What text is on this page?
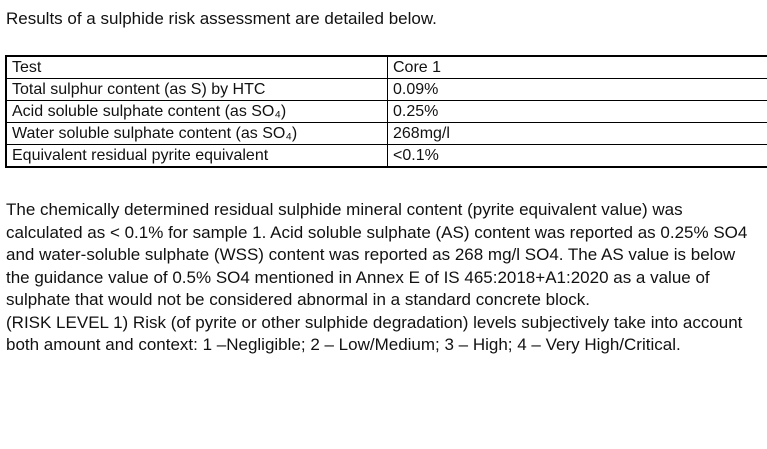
Results of a sulphide risk assessment are detailed below.
Test	Core 1
Total sulphur content (as S) by HTC	0.09%
Acid soluble sulphate content (as SO₄)	0.25%
Water soluble sulphate content (as SO₄)	268mg/l
Equivalent residual pyrite equivalent	<0.1%

The chemically determined residual sulphide mineral content (pyrite equivalent value) was calculated as < 0.1% for sample 1. Acid soluble sulphate (AS) content was reported as 0.25% SO4 and water-soluble sulphate (WSS) content was reported as 268 mg/l SO4. The AS value is below the guidance value of 0.5% SO4 mentioned in Annex E of IS 465:2018+A1:2020 as a value of sulphate that would not be considered abnormal in a standard concrete block.

(RISK LEVEL 1) Risk (of pyrite or other sulphide degradation) levels subjectively take into account both amount and context: 1 –Negligible; 2 – Low/Medium; 3 – High; 4 – Very High/Critical.
